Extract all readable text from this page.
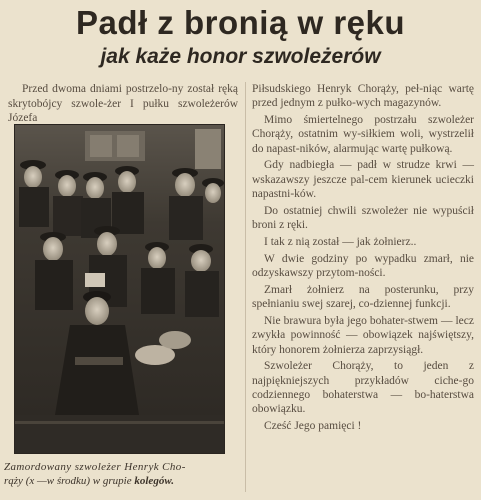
Padł z bronią w ręku
jak każe honor szwoleżerów

Przed dwoma dniami postrzelo-ny został ręką skrytobójcy szwole-żer I pułku szwoleżerów Józefa

Zamordowany szwoleżer Henryk Cho-
rąży (x —w środku) w grupie kolegów.

Piłsudskiego Henryk Chorąży, peł-niąc wartę przed jednym z pułko-wych magazynów.

Mimo śmiertelnego postrzału szwoleżer Chorąży, ostatnim wy-siłkiem woli, wystrzelił do napast-ników, alarmując wartę pułkową.

Gdy nadbiegła — padł w strudze krwi — wskazawszy jeszcze pal-cem kierunek ucieczki napastni-ków.

Do ostatniej chwili szwoleżer nie wypuścił broni z ręki.

I tak z nią został — jak żołnierz..

W dwie godziny po wypadku zmarł, nie odzyskawszy przytom-ności.

Zmarł żołnierz na posterunku, przy spełnianiu swej szarej, co-dziennej funkcji.

Nie brawura była jego bohater-stwem — lecz zwykła powinność — obowiązek najświętszy, który honorem żołnierza zaprzysiągł.

Szwoleżer Chorąży, to jeden z najpiękniejszych przykładów ciche-go codziennego bohaterstwa — bo-haterstwa obowiązku.

Cześć Jego pamięci !
